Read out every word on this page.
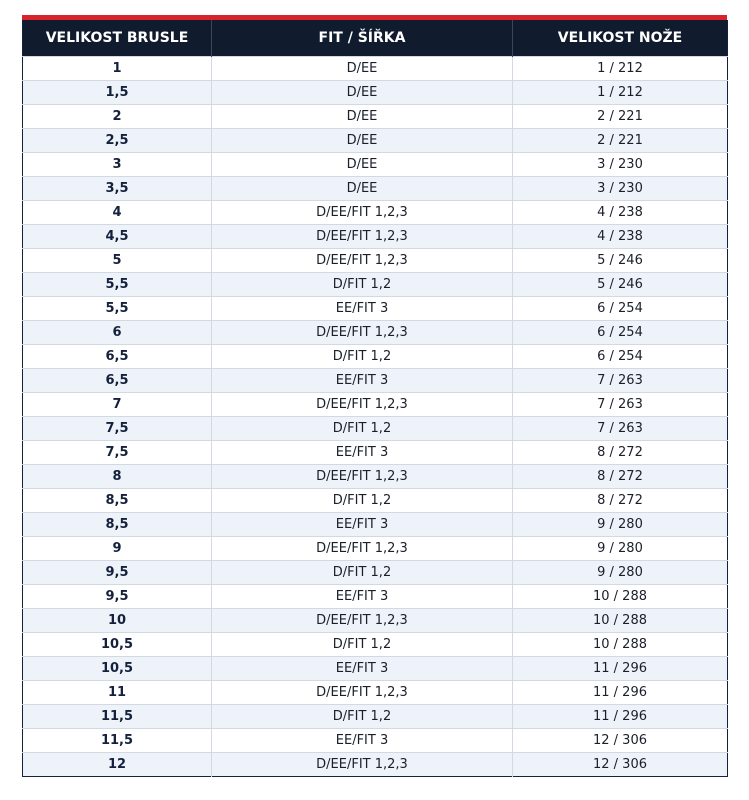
VELIKOST BRUSLE	FIT / ŠÍŘKA	VELIKOST NOŽE
1	D/EE	1 / 212
1,5	D/EE	1 / 212
2	D/EE	2 / 221
2,5	D/EE	2 / 221
3	D/EE	3 / 230
3,5	D/EE	3 / 230
4	D/EE/FIT 1,2,3	4 / 238
4,5	D/EE/FIT 1,2,3	4 / 238
5	D/EE/FIT 1,2,3	5 / 246
5,5	D/FIT 1,2	5 / 246
5,5	EE/FIT 3	6 / 254
6	D/EE/FIT 1,2,3	6 / 254
6,5	D/FIT 1,2	6 / 254
6,5	EE/FIT 3	7 / 263
7	D/EE/FIT 1,2,3	7 / 263
7,5	D/FIT 1,2	7 / 263
7,5	EE/FIT 3	8 / 272
8	D/EE/FIT 1,2,3	8 / 272
8,5	D/FIT 1,2	8 / 272
8,5	EE/FIT 3	9 / 280
9	D/EE/FIT 1,2,3	9 / 280
9,5	D/FIT 1,2	9 / 280
9,5	EE/FIT 3	10 / 288
10	D/EE/FIT 1,2,3	10 / 288
10,5	D/FIT 1,2	10 / 288
10,5	EE/FIT 3	11 / 296
11	D/EE/FIT 1,2,3	11 / 296
11,5	D/FIT 1,2	11 / 296
11,5	EE/FIT 3	12 / 306
12	D/EE/FIT 1,2,3	12 / 306
